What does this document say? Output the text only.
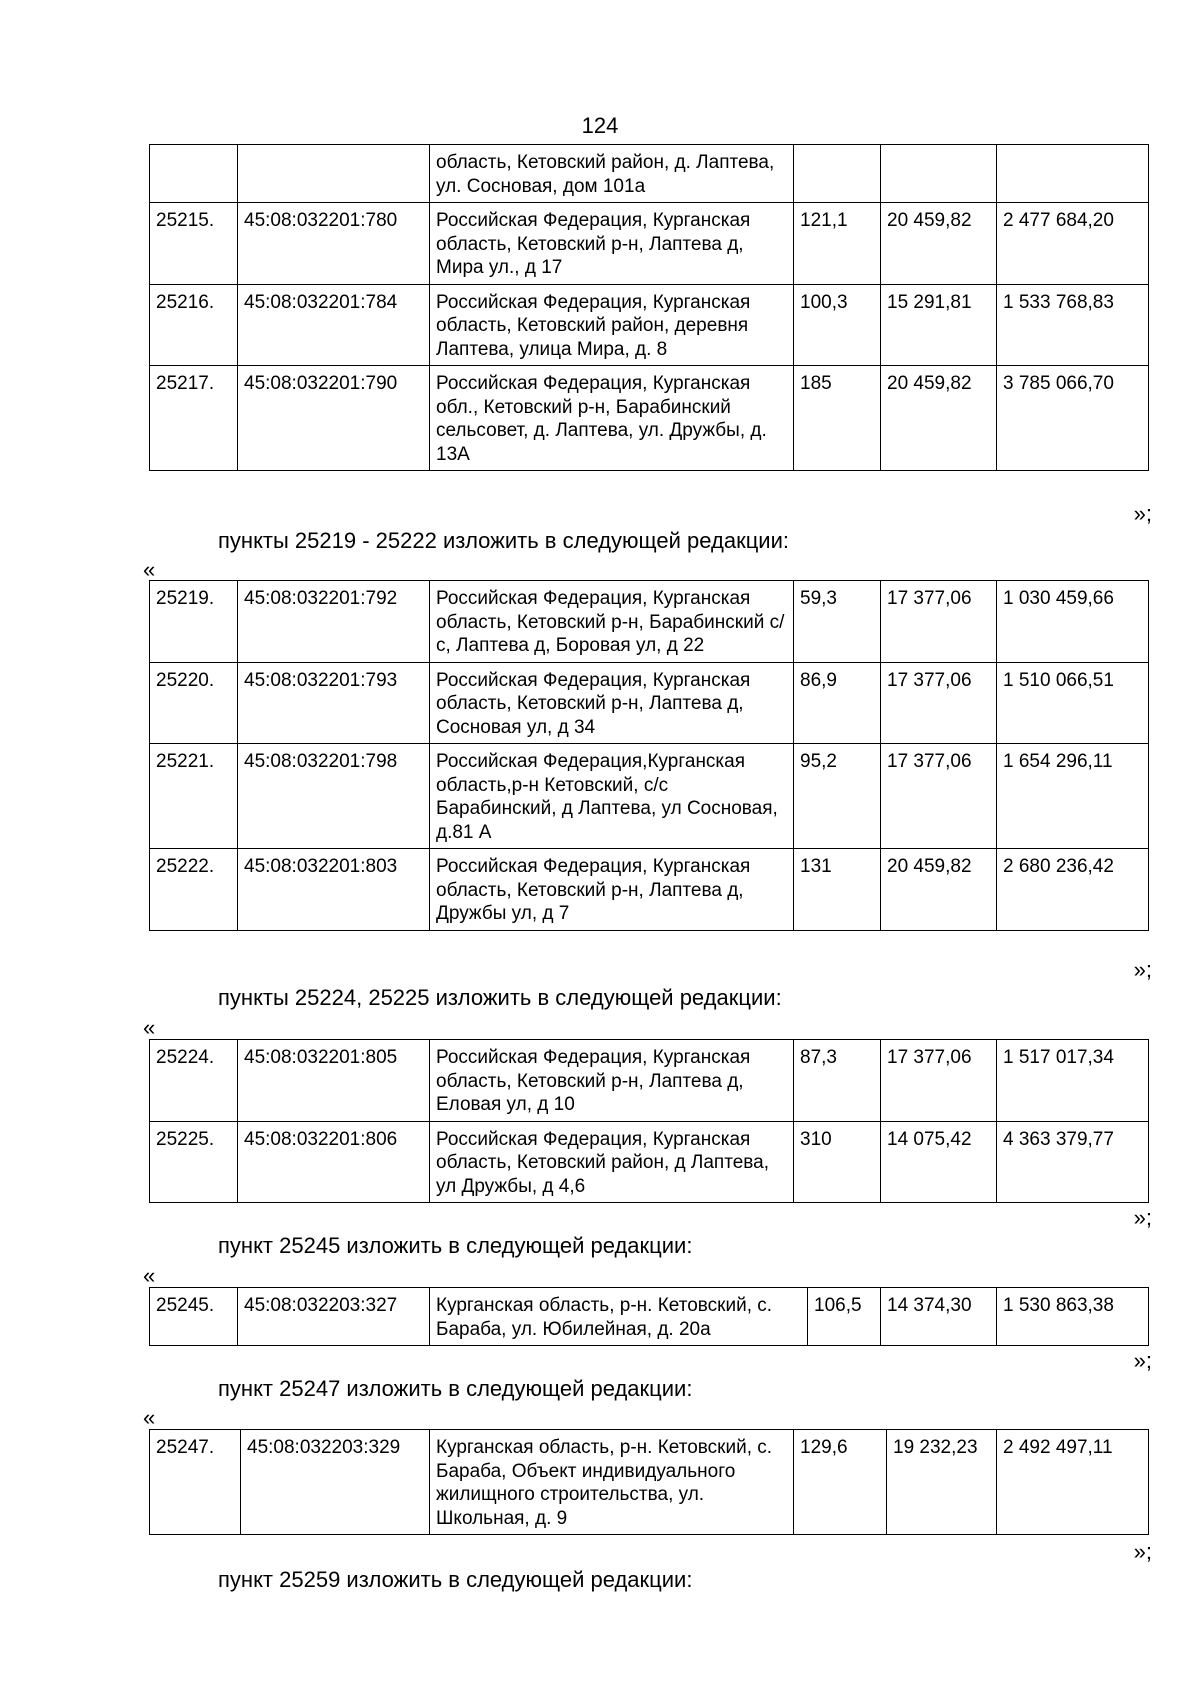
124
		область, Кетовский район, д. Лаптева, ул. Сосновая, дом 101а			
25215.	45:08:032201:780	Российская Федерация, Курганская область, Кетовский р-н, Лаптева д, Мира ул., д 17	121,1	20 459,82	2 477 684,20
25216.	45:08:032201:784	Российская Федерация, Курганская область, Кетовский район, деревня Лаптева, улица Мира, д. 8	100,3	15 291,81	1 533 768,83
25217.	45:08:032201:790	Российская Федерация, Курганская обл., Кетовский р-н, Барабинский сельсовет, д. Лаптева, ул. Дружбы, д. 13А	185	20 459,82	3 785 066,70
»;
пункты 25219 - 25222 изложить в следующей редакции:
«
25219.	45:08:032201:792	Российская Федерация, Курганская область, Кетовский р-н, Барабинский с/с, Лаптева д, Боровая ул, д 22	59,3	17 377,06	1 030 459,66
25220.	45:08:032201:793	Российская Федерация, Курганская область, Кетовский р-н, Лаптева д, Сосновая ул, д 34	86,9	17 377,06	1 510 066,51
25221.	45:08:032201:798	Российская Федерация,Курганская область,р-н Кетовский, с/с Барабинский, д Лаптева, ул Сосновая, д.81 А	95,2	17 377,06	1 654 296,11
25222.	45:08:032201:803	Российская Федерация, Курганская область, Кетовский р-н, Лаптева д, Дружбы ул, д 7	131	20 459,82	2 680 236,42
»;
пункты 25224, 25225 изложить в следующей редакции:
«
25224.	45:08:032201:805	Российская Федерация, Курганская область, Кетовский р-н, Лаптева д, Еловая ул, д 10	87,3	17 377,06	1 517 017,34
25225.	45:08:032201:806	Российская Федерация, Курганская область, Кетовский район, д Лаптева, ул Дружбы, д 4,6	310	14 075,42	4 363 379,77
»;
пункт 25245 изложить в следующей редакции:
«
25245.	45:08:032203:327	Курганская область, р-н. Кетовский, с. Бараба, ул. Юбилейная, д. 20а	106,5	14 374,30	1 530 863,38
»;
пункт 25247 изложить в следующей редакции:
«
25247.	45:08:032203:329	Курганская область, р-н. Кетовский, с. Бараба, Объект индивидуального жилищного строительства, ул. Школьная, д. 9	129,6	19 232,23	2 492 497,11
»;
пункт 25259 изложить в следующей редакции:
